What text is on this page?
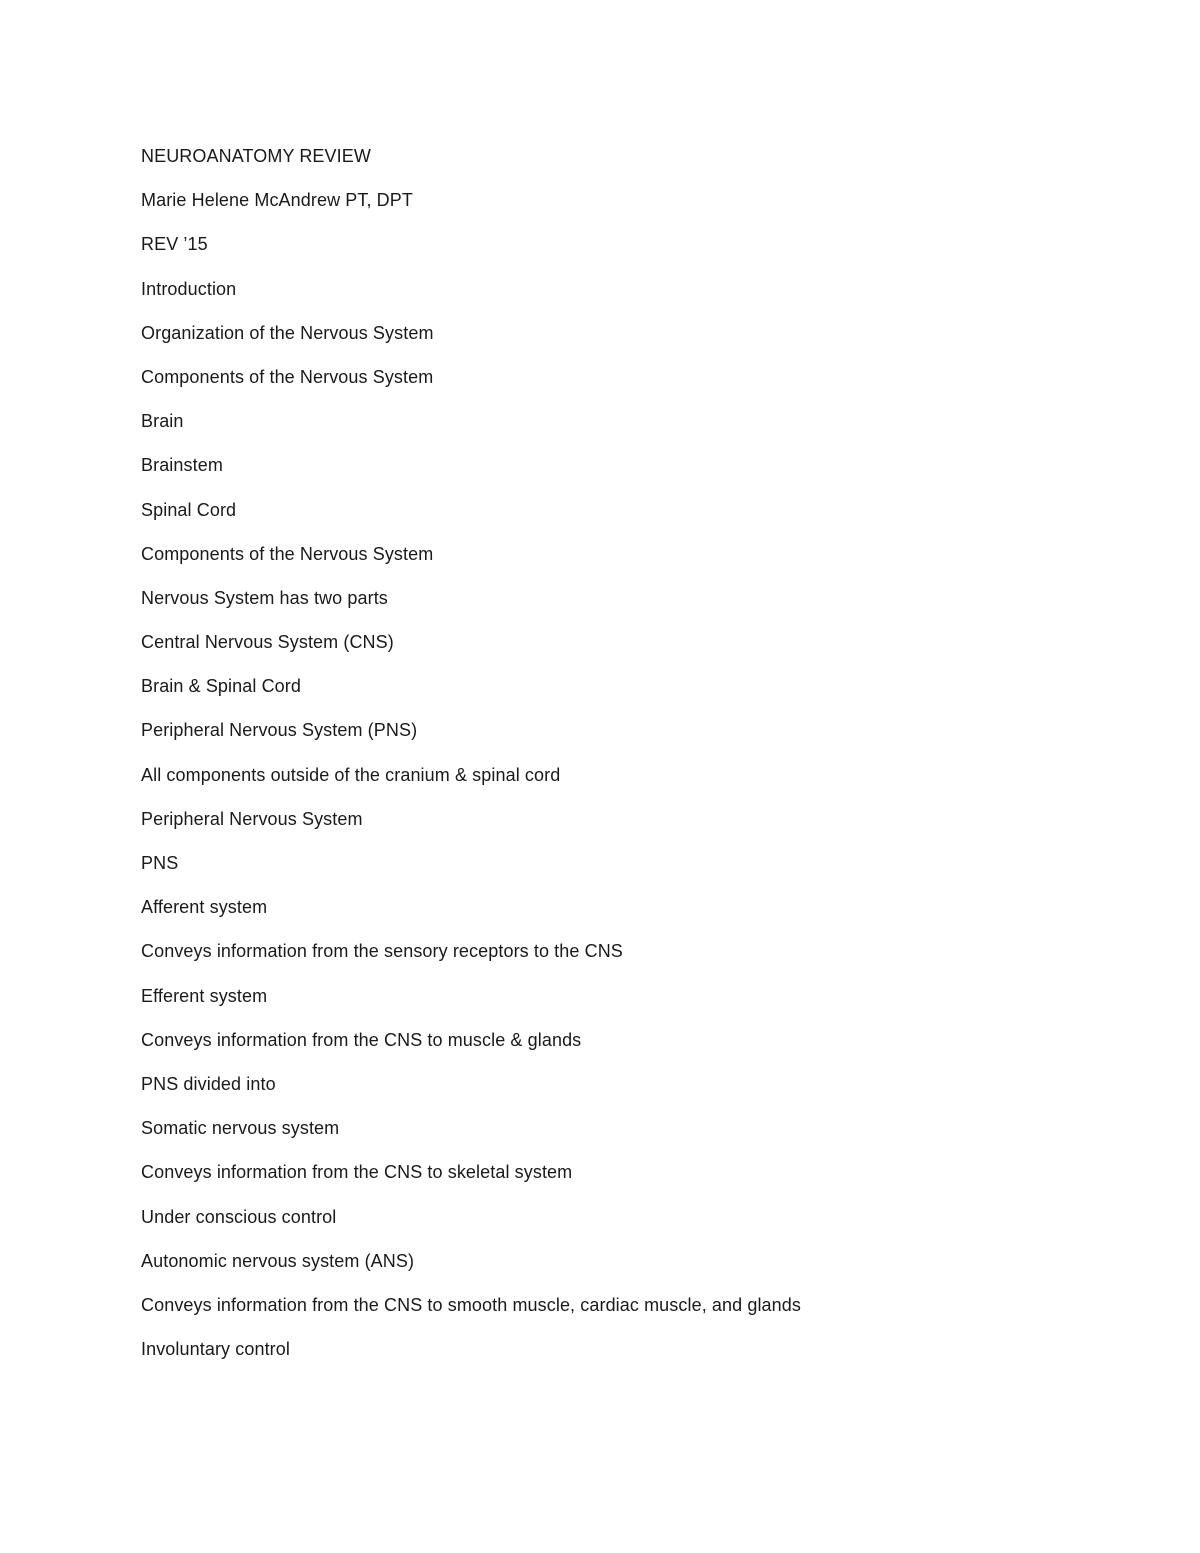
NEUROANATOMY REVIEW
Marie Helene McAndrew PT, DPT
REV ’15
Introduction
Organization of the Nervous System
Components of the Nervous System
Brain
Brainstem
Spinal Cord
Components of the Nervous System
Nervous System has two parts
Central Nervous System (CNS)
Brain & Spinal Cord
Peripheral Nervous System (PNS)
All components outside of the cranium & spinal cord
Peripheral Nervous System
PNS
Afferent system
Conveys information from the sensory receptors to the CNS
Efferent system
Conveys information from the CNS to muscle & glands
PNS divided into
Somatic nervous system
Conveys information from the CNS to skeletal system
Under conscious control
Autonomic nervous system (ANS)
Conveys information from the CNS to smooth muscle, cardiac muscle, and glands
Involuntary control
